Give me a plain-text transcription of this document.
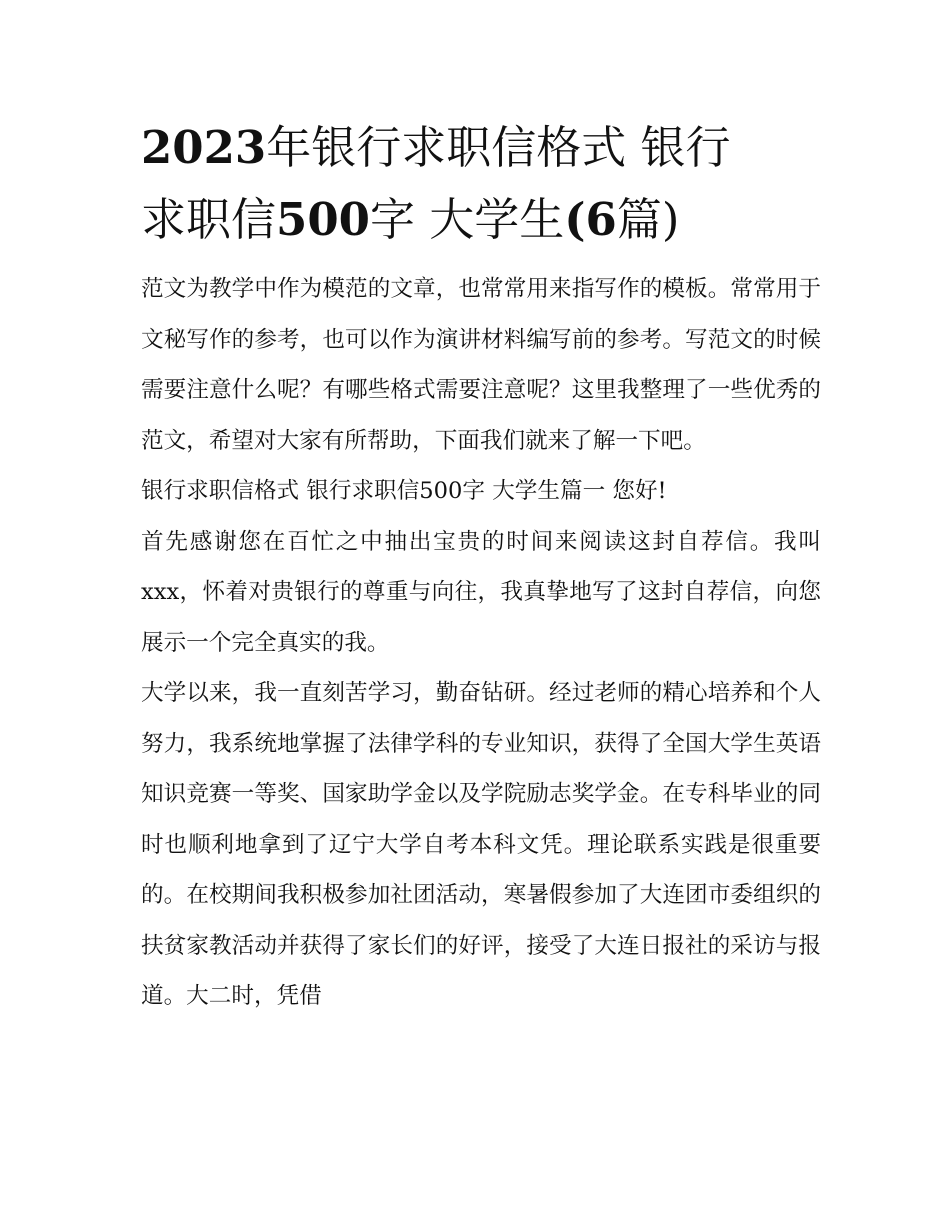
2023年银行求职信格式 银行
求职信500字 大学生(6篇)

范文为教学中作为模范的文章，也常常用来指写作的模板。常常用于文秘写作的参考，也可以作为演讲材料编写前的参考。写范文的时候需要注意什么呢？有哪些格式需要注意呢？这里我整理了一些优秀的范文，希望对大家有所帮助，下面我们就来了解一下吧。

银行求职信格式 银行求职信500字 大学生篇一 您好!

首先感谢您在百忙之中抽出宝贵的时间来阅读这封自荐信。我叫xxx，怀着对贵银行的尊重与向往，我真挚地写了这封自荐信，向您展示一个完全真实的我。

大学以来，我一直刻苦学习，勤奋钻研。经过老师的精心培养和个人努力，我系统地掌握了法律学科的专业知识，获得了全国大学生英语知识竞赛一等奖、国家助学金以及学院励志奖学金。在专科毕业的同时也顺利地拿到了辽宁大学自考本科文凭。理论联系实践是很重要的。在校期间我积极参加社团活动，寒暑假参加了大连团市委组织的扶贫家教活动并获得了家长们的好评，接受了大连日报社的采访与报道。大二时，凭借
